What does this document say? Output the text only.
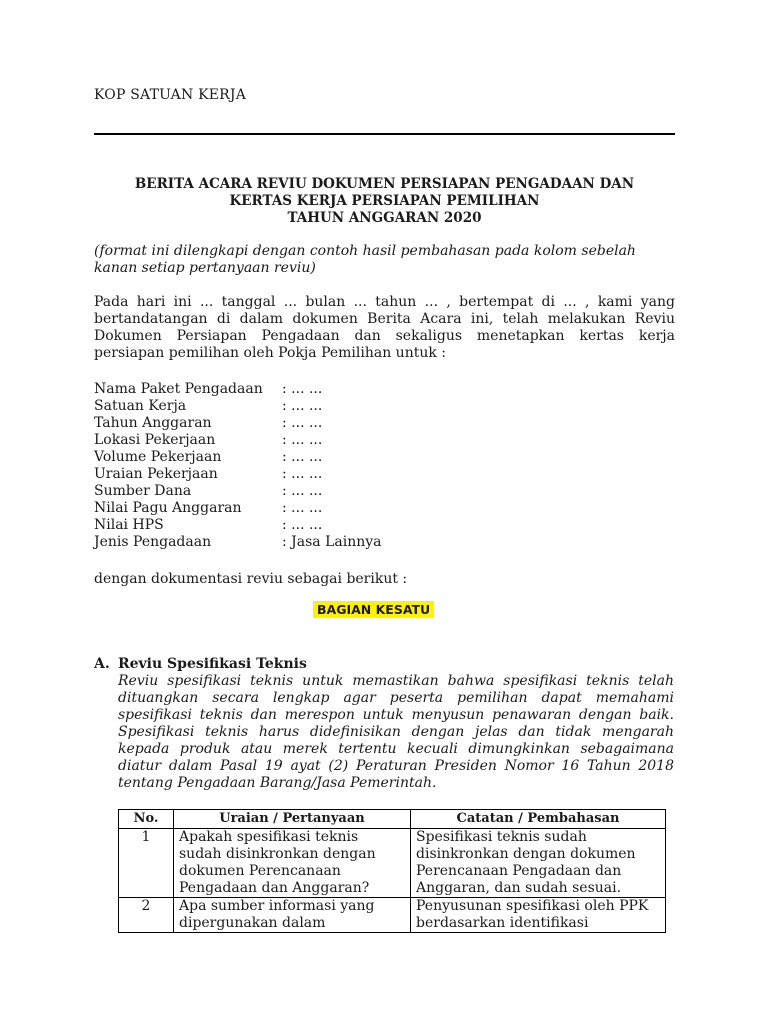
KOP SATUAN KERJA
BERITA ACARA REVIU DOKUMEN PERSIAPAN PENGADAAN DAN
KERTAS KERJA PERSIAPAN PEMILIHAN
TAHUN ANGGARAN 2020
(format ini dilengkapi dengan contoh hasil pembahasan pada kolom sebelah kanan setiap pertanyaan reviu)
Pada hari ini ... tanggal ... bulan ... tahun ... , bertempat di ... , kami yang bertandatangan di dalam dokumen Berita Acara ini, telah melakukan Reviu Dokumen Persiapan Pengadaan dan sekaligus menetapkan kertas kerja persiapan pemilihan oleh Pokja Pemilihan untuk :
Nama Paket Pengadaan	: ... ...
Satuan Kerja	: ... ...
Tahun Anggaran	: ... ...
Lokasi Pekerjaan	: ... ...
Volume Pekerjaan	: ... ...
Uraian Pekerjaan	: ... ...
Sumber Dana	: ... ...
Nilai Pagu Anggaran	: ... ...
Nilai HPS	: ... ...
Jenis Pengadaan	: Jasa Lainnya
dengan dokumentasi reviu sebagai berikut :
BAGIAN KESATU
A. Reviu Spesifikasi Teknis
Reviu spesifikasi teknis untuk memastikan bahwa spesifikasi teknis telah dituangkan secara lengkap agar peserta pemilihan dapat memahami spesifikasi teknis dan merespon untuk menyusun penawaran dengan baik. Spesifikasi teknis harus didefinisikan dengan jelas dan tidak mengarah kepada produk atau merek tertentu kecuali dimungkinkan sebagaimana diatur dalam Pasal 19 ayat (2) Peraturan Presiden Nomor 16 Tahun 2018 tentang Pengadaan Barang/Jasa Pemerintah.
No.	Uraian / Pertanyaan	Catatan / Pembahasan
1	Apakah spesifikasi teknis sudah disinkronkan dengan dokumen Perencanaan Pengadaan dan Anggaran?	Spesifikasi teknis sudah disinkronkan dengan dokumen Perencanaan Pengadaan dan Anggaran, dan sudah sesuai.

2	Apa sumber informasi yang dipergunakan dalam	Penyusunan spesifikasi oleh PPK berdasarkan identifikasi
